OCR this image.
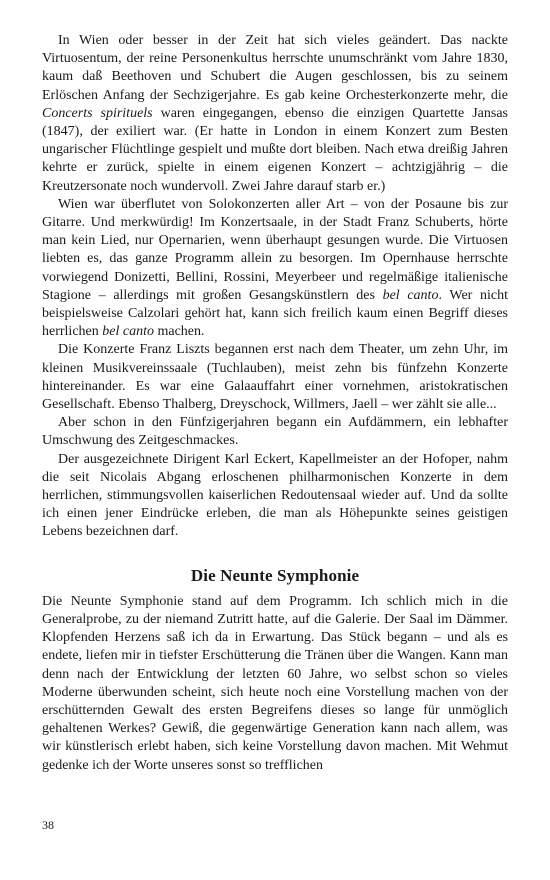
In Wien oder besser in der Zeit hat sich vieles geändert. Das nackte Virtuosentum, der reine Personenkultus herrschte unumschränkt vom Jahre 1830, kaum daß Beethoven und Schubert die Augen geschlossen, bis zu seinem Erlöschen Anfang der Sechzigerjahre. Es gab keine Orchesterkonzerte mehr, die Concerts spirituels waren eingegangen, ebenso die einzigen Quartette Jansas (1847), der exiliert war. (Er hatte in London in einem Konzert zum Besten ungarischer Flüchtlinge gespielt und mußte dort bleiben. Nach etwa dreißig Jahren kehrte er zurück, spielte in einem eigenen Konzert – achtzigjährig – die Kreutzersonate noch wundervoll. Zwei Jahre darauf starb er.)

Wien war überflutet von Solokonzerten aller Art – von der Posaune bis zur Gitarre. Und merkwürdig! Im Konzertsaale, in der Stadt Franz Schuberts, hörte man kein Lied, nur Opernarien, wenn überhaupt gesungen wurde. Die Virtuosen liebten es, das ganze Programm allein zu besorgen. Im Opernhause herrschte vorwiegend Donizetti, Bellini, Rossini, Meyerbeer und regelmäßige italienische Stagione – allerdings mit großen Gesangskünstlern des bel canto. Wer nicht beispielsweise Calzolari gehört hat, kann sich freilich kaum einen Begriff dieses herrlichen bel canto machen.

Die Konzerte Franz Liszts begannen erst nach dem Theater, um zehn Uhr, im kleinen Musikvereinssaale (Tuchlauben), meist zehn bis fünfzehn Konzerte hintereinander. Es war eine Galaauffahrt einer vornehmen, aristokratischen Gesellschaft. Ebenso Thalberg, Dreyschock, Willmers, Jaell – wer zählt sie alle...

Aber schon in den Fünfzigerjahren begann ein Aufdämmern, ein lebhafter Umschwung des Zeitgeschmackes.

Der ausgezeichnete Dirigent Karl Eckert, Kapellmeister an der Hofoper, nahm die seit Nicolais Abgang erloschenen philharmonischen Konzerte in dem herrlichen, stimmungsvollen kaiserlichen Redoutensaal wieder auf. Und da sollte ich einen jener Eindrücke erleben, die man als Höhepunkte seines geistigen Lebens bezeichnen darf.

Die Neunte Symphonie

Die Neunte Symphonie stand auf dem Programm. Ich schlich mich in die Generalprobe, zu der niemand Zutritt hatte, auf die Galerie. Der Saal im Dämmer. Klopfenden Herzens saß ich da in Erwartung. Das Stück begann – und als es endete, liefen mir in tiefster Erschütterung die Tränen über die Wangen. Kann man denn nach der Entwicklung der letzten 60 Jahre, wo selbst schon so vieles Moderne überwunden scheint, sich heute noch eine Vorstellung machen von der erschütternden Gewalt des ersten Begreifens dieses so lange für unmöglich gehaltenen Werkes? Gewiß, die gegenwärtige Generation kann nach allem, was wir künstlerisch erlebt haben, sich keine Vorstellung davon machen. Mit Wehmut gedenke ich der Worte unseres sonst so trefflichen

38
